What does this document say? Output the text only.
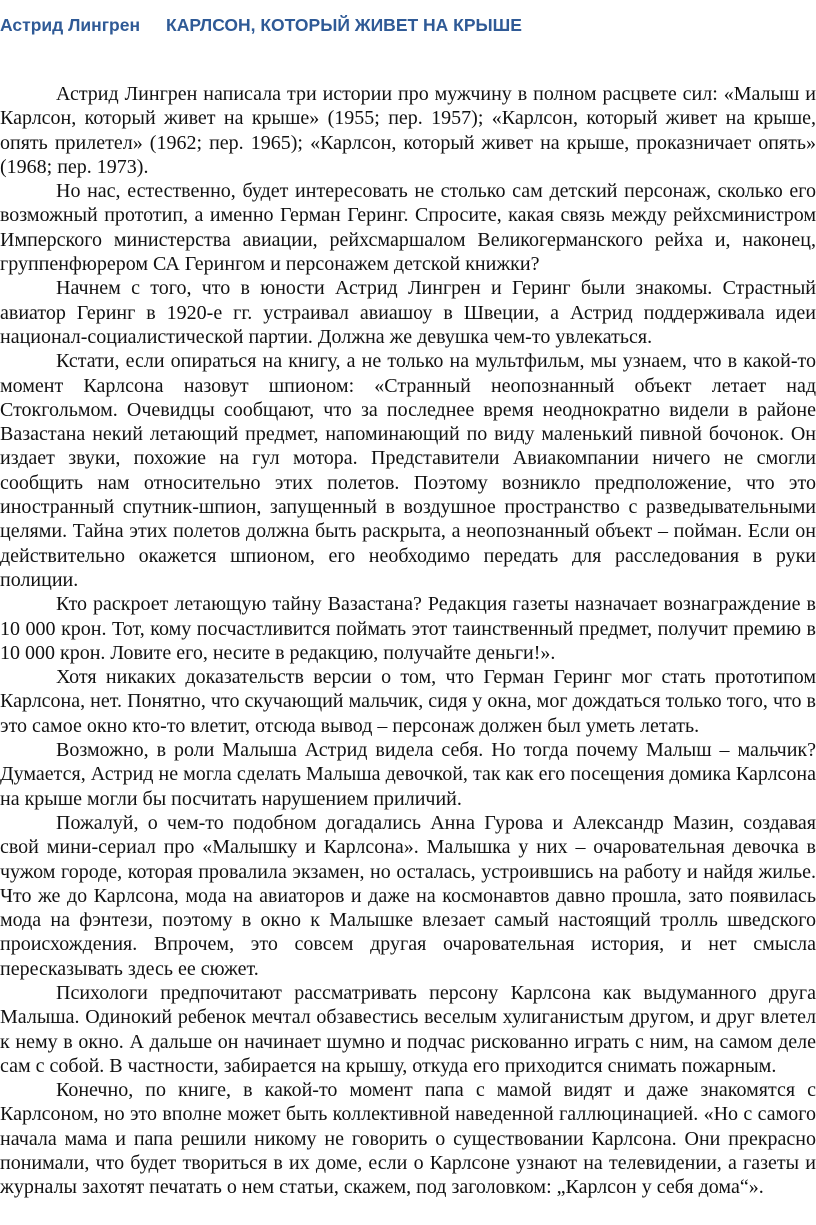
Астрид Лингрен КАРЛСОН, КОТОРЫЙ ЖИВЕТ НА КРЫШЕ

Астрид Лингрен написала три истории про мужчину в полном расцвете сил: «Малыш и Карлсон, который живет на крыше» (1955; пер. 1957); «Карлсон, который живет на крыше, опять прилетел» (1962; пер. 1965); «Карлсон, который живет на крыше, проказничает опять» (1968; пер. 1973).

Но нас, естественно, будет интересовать не столько сам детский персонаж, сколько его возможный прототип, а именно Герман Геринг. Спросите, какая связь между рейхсминистром Имперского министерства авиации, рейхсмаршалом Великогерманского рейха и, наконец, группенфюрером СА Герингом и персонажем детской книжки?

Начнем с того, что в юности Астрид Лингрен и Геринг были знакомы. Страстный авиатор Геринг в 1920-е гг. устраивал авиашоу в Швеции, а Астрид поддерживала идеи национал-социалистической партии. Должна же девушка чем-то увлекаться.

Кстати, если опираться на книгу, а не только на мультфильм, мы узнаем, что в какой-то момент Карлсона назовут шпионом: «Странный неопознанный объект летает над Стокгольмом. Очевидцы сообщают, что за последнее время неоднократно видели в районе Вазастана некий летающий предмет, напоминающий по виду маленький пивной бочонок. Он издает звуки, похожие на гул мотора. Представители Авиакомпании ничего не смогли сообщить нам относительно этих полетов. Поэтому возникло предположение, что это иностранный спутник-шпион, запущенный в воздушное пространство с разведывательными целями. Тайна этих полетов должна быть раскрыта, а неопознанный объект – пойман. Если он действительно окажется шпионом, его необходимо передать для расследования в руки полиции.

Кто раскроет летающую тайну Вазастана? Редакция газеты назначает вознаграждение в 10 000 крон. Тот, кому посчастливится поймать этот таинственный предмет, получит премию в 10 000 крон. Ловите его, несите в редакцию, получайте деньги!».

Хотя никаких доказательств версии о том, что Герман Геринг мог стать прототипом Карлсона, нет. Понятно, что скучающий мальчик, сидя у окна, мог дождаться только того, что в это самое окно кто-то влетит, отсюда вывод – персонаж должен был уметь летать.

Возможно, в роли Малыша Астрид видела себя. Но тогда почему Малыш – мальчик? Думается, Астрид не могла сделать Малыша девочкой, так как его посещения домика Карлсона на крыше могли бы посчитать нарушением приличий.

Пожалуй, о чем-то подобном догадались Анна Гурова и Александр Мазин, создавая свой мини-сериал про «Малышку и Карлсона». Малышка у них – очаровательная девочка в чужом городе, которая провалила экзамен, но осталась, устроившись на работу и найдя жилье. Что же до Карлсона, мода на авиаторов и даже на космонавтов давно прошла, зато появилась мода на фэнтези, поэтому в окно к Малышке влезает самый настоящий тролль шведского происхождения. Впрочем, это совсем другая очаровательная история, и нет смысла пересказывать здесь ее сюжет.

Психологи предпочитают рассматривать персону Карлсона как выдуманного друга Малыша. Одинокий ребенок мечтал обзавестись веселым хулиганистым другом, и друг влетел к нему в окно. А дальше он начинает шумно и подчас рискованно играть с ним, на самом деле сам с собой. В частности, забирается на крышу, откуда его приходится снимать пожарным.

Конечно, по книге, в какой-то момент папа с мамой видят и даже знакомятся с Карлсоном, но это вполне может быть коллективной наведенной галлюцинацией. «Но с самого начала мама и папа решили никому не говорить о существовании Карлсона. Они прекрасно понимали, что будет твориться в их доме, если о Карлсоне узнают на телевидении, а газеты и журналы захотят печатать о нем статьи, скажем, под заголовком: „Карлсон у себя дома“».
